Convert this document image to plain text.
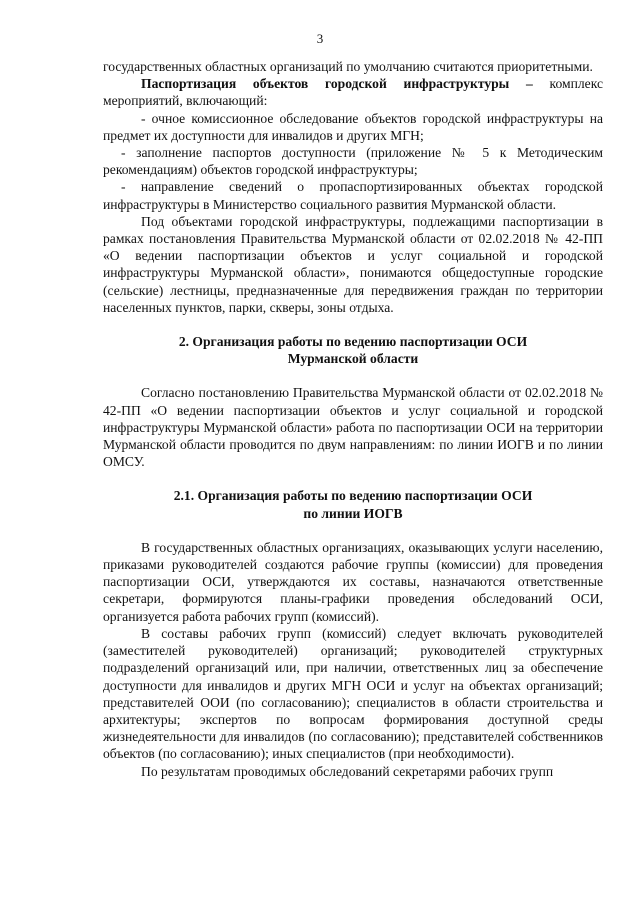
3

государственных областных организаций по умолчанию считаются приоритетными.

Паспортизация объектов городской инфраструктуры – комплекс мероприятий, включающий:

- очное комиссионное обследование объектов городской инфраструктуры на предмет их доступности для инвалидов и других МГН;

- заполнение паспортов доступности (приложение № 5 к Методическим рекомендациям) объектов городской инфраструктуры;

- направление сведений о пропаспортизированных объектах городской инфраструктуры в Министерство социального развития Мурманской области.

Под объектами городской инфраструктуры, подлежащими паспортизации в рамках постановления Правительства Мурманской области от 02.02.2018 № 42-ПП «О ведении паспортизации объектов и услуг социальной и городской инфраструктуры Мурманской области», понимаются общедоступные городские (сельские) лестницы, предназначенные для передвижения граждан по территории населенных пунктов, парки, скверы, зоны отдыха.

2. Организация работы по ведению паспортизации ОСИ
Мурманской области

Согласно постановлению Правительства Мурманской области от 02.02.2018 № 42-ПП «О ведении паспортизации объектов и услуг социальной и городской инфраструктуры Мурманской области» работа по паспортизации ОСИ на территории Мурманской области проводится по двум направлениям: по линии ИОГВ и по линии ОМСУ.

2.1. Организация работы по ведению паспортизации ОСИ
по линии ИОГВ

В государственных областных организациях, оказывающих услуги населению, приказами руководителей создаются рабочие группы (комиссии) для проведения паспортизации ОСИ, утверждаются их составы, назначаются ответственные секретари, формируются планы-графики проведения обследований ОСИ, организуется работа рабочих групп (комиссий).

В составы рабочих групп (комиссий) следует включать руководителей (заместителей руководителей) организаций; руководителей структурных подразделений организаций или, при наличии, ответственных лиц за обеспечение доступности для инвалидов и других МГН ОСИ и услуг на объектах организаций; представителей ООИ (по согласованию); специалистов в области строительства и архитектуры; экспертов по вопросам формирования доступной среды жизнедеятельности для инвалидов (по согласованию); представителей собственников объектов (по согласованию); иных специалистов (при необходимости).

По результатам проводимых обследований секретарями рабочих групп
